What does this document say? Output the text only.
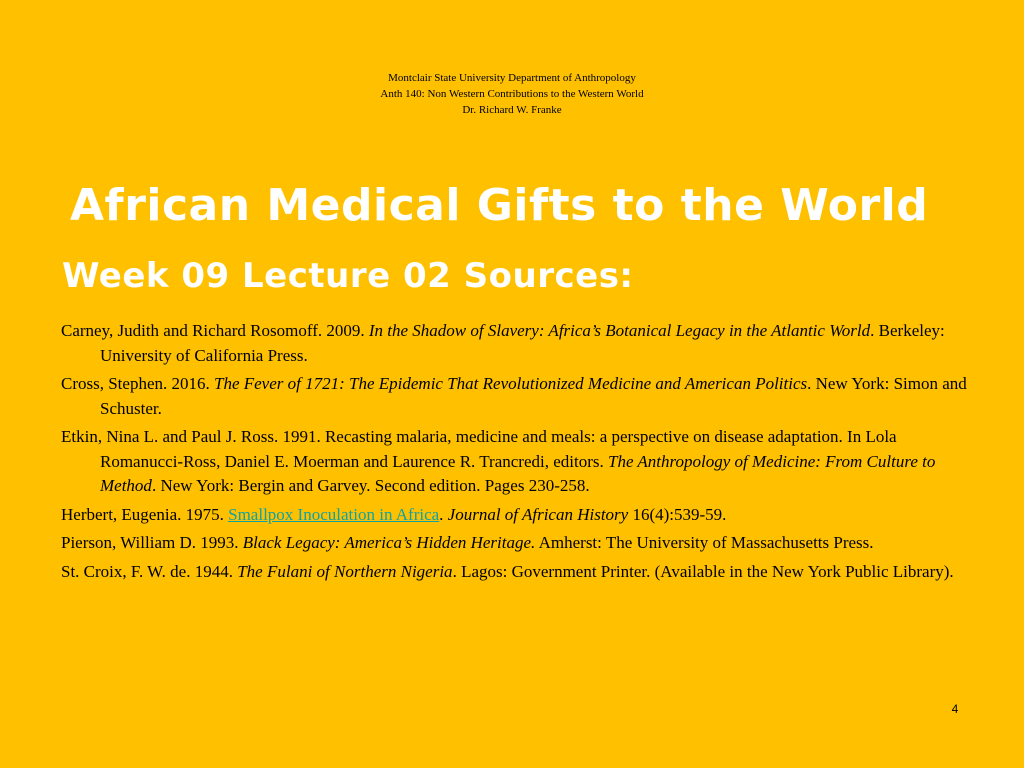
Montclair State University Department of Anthropology
Anth 140: Non Western Contributions to the Western World
Dr. Richard W. Franke
African Medical Gifts to the World
Week 09 Lecture 02 Sources:
Carney, Judith and Richard Rosomoff. 2009. In the Shadow of Slavery: Africa’s Botanical Legacy in the Atlantic World. Berkeley: University of California Press.
Cross, Stephen. 2016. The Fever of 1721: The Epidemic That Revolutionized Medicine and American Politics. New York: Simon and Schuster.
Etkin, Nina L. and Paul J. Ross. 1991. Recasting malaria, medicine and meals: a perspective on disease adaptation. In Lola Romanucci-Ross, Daniel E. Moerman and Laurence R. Trancredi, editors. The Anthropology of Medicine: From Culture to Method. New York: Bergin and Garvey. Second edition. Pages 230-258.
Herbert, Eugenia. 1975. Smallpox Inoculation in Africa. Journal of African History 16(4):539-59.
Pierson, William D. 1993. Black Legacy: America’s Hidden Heritage. Amherst: The University of Massachusetts Press.
St. Croix, F. W. de. 1944. The Fulani of Northern Nigeria. Lagos: Government Printer. (Available in the New York Public Library).
4
